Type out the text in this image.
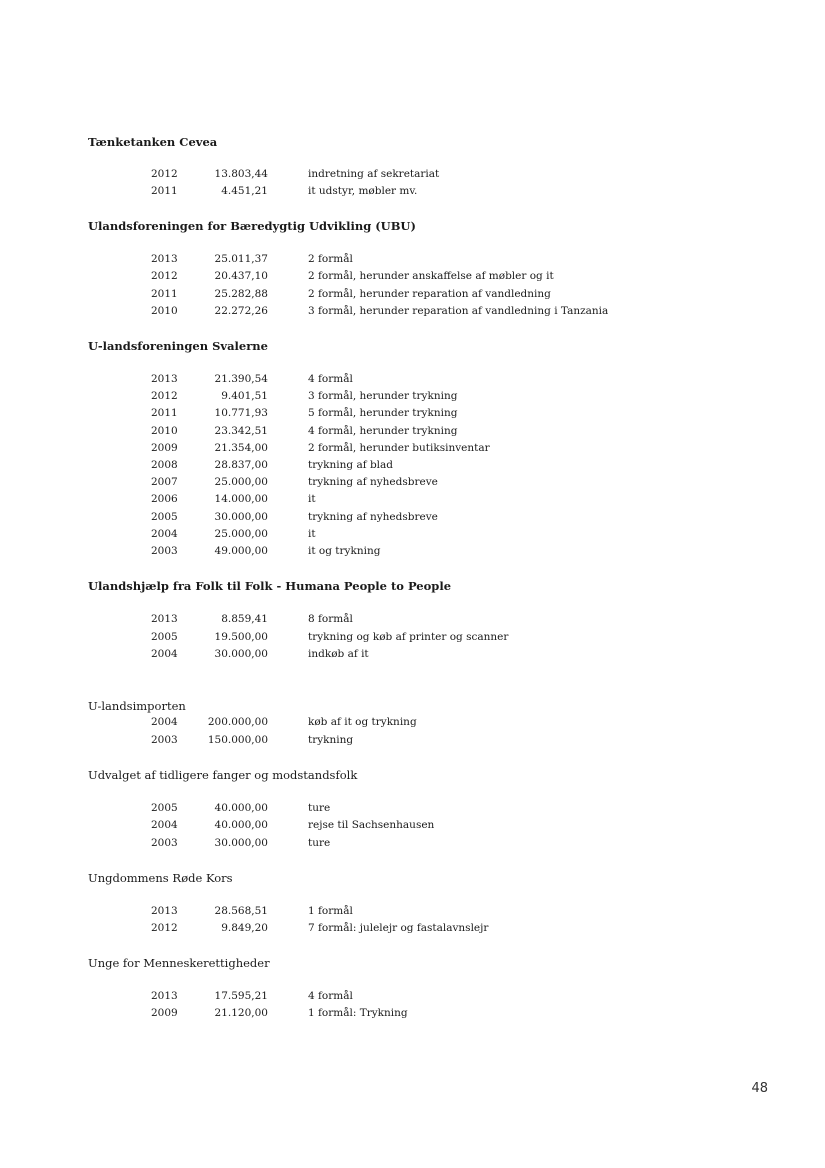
Tænketanken Cevea
2012	13.803,44	indretning af sekretariat
2011	4.451,21	it udstyr, møbler mv.
Ulandsforeningen for Bæredygtig Udvikling (UBU)
2013	25.011,37	2 formål
2012	20.437,10	2 formål, herunder anskaffelse af møbler og it
2011	25.282,88	2 formål, herunder reparation af vandledning
2010	22.272,26	3 formål, herunder reparation af vandledning i Tanzania
U-landsforeningen Svalerne
2013	21.390,54	4 formål
2012	9.401,51	3 formål, herunder trykning
2011	10.771,93	5 formål, herunder trykning
2010	23.342,51	4 formål, herunder trykning
2009	21.354,00	2 formål, herunder butiksinventar
2008	28.837,00	trykning af blad
2007	25.000,00	trykning af nyhedsbreve
2006	14.000,00	it
2005	30.000,00	trykning af nyhedsbreve
2004	25.000,00	it
2003	49.000,00	it og trykning
Ulandshjælp fra Folk til Folk - Humana People to People
2013	8.859,41	8 formål
2005	19.500,00	trykning og køb af printer og scanner
2004	30.000,00	indkøb af it
U-landsimporten
2004	200.000,00	køb af it og trykning
2003	150.000,00	trykning
Udvalget af tidligere fanger og modstandsfolk
2005	40.000,00	ture
2004	40.000,00	rejse til Sachsenhausen
2003	30.000,00	ture
Ungdommens Røde Kors
2013	28.568,51	1 formål
2012	9.849,20	7 formål: julelejr og fastalavnslejr
Unge for Menneskerettigheder
2013	17.595,21	4 formål
2009	21.120,00	1 formål: Trykning
48
